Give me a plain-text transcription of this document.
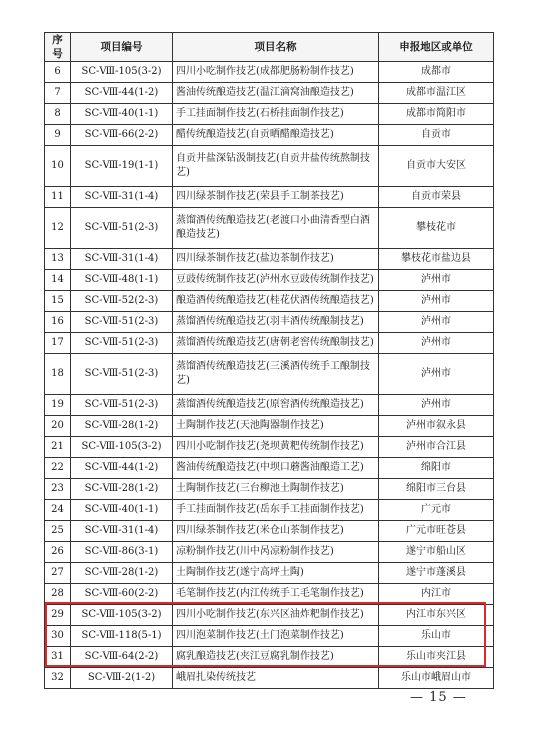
序号	项目编号	项目名称	申报地区或单位
6	SC-Ⅷ-105(3-2)	四川小吃制作技艺(成都肥肠粉制作技艺)	成都市
7	SC-Ⅷ-44(1-2)	酱油传统酿造技艺(温江滴窝油酿造技艺)	成都市温江区
8	SC-Ⅷ-40(1-1)	手工挂面制作技艺(石桥挂面制作技艺)	成都市简阳市
9	SC-Ⅷ-66(2-2)	醋传统酿造技艺(自贡晒醋酿造技艺)	自贡市
10	SC-Ⅷ-19(1-1)	自贡井盐深钻汲制技艺(自贡井盐传统熬制技艺)	自贡市大安区
11	SC-Ⅷ-31(1-4)	四川绿茶制作技艺(荣县手工制茶技艺)	自贡市荣县
12	SC-Ⅷ-51(2-3)	蒸馏酒传统酿造技艺(老渡口小曲清香型白酒酿造技艺)	攀枝花市
13	SC-Ⅷ-31(1-4)	四川绿茶制作技艺(盐边茶制作技艺)	攀枝花市盐边县
14	SC-Ⅷ-48(1-1)	豆豉传统制作技艺(泸州水豆豉传统制作技艺)	泸州市
15	SC-Ⅷ-52(2-3)	酿造酒传统酿造技艺(桂花伏酒传统酿造技艺)	泸州市
16	SC-Ⅷ-51(2-3)	蒸馏酒传统酿造技艺(羽丰酒传统酿制技艺)	泸州市
17	SC-Ⅷ-51(2-3)	蒸馏酒传统酿造技艺(唐朝老窖传统酿制技艺)	泸州市
18	SC-Ⅷ-51(2-3)	蒸馏酒传统酿造技艺(三溪酒传统手工酿制技艺)	泸州市
19	SC-Ⅷ-51(2-3)	蒸馏酒传统酿造技艺(原窖酒传统酿造技艺)	泸州市
20	SC-Ⅷ-28(1-2)	土陶制作技艺(天池陶器制作技艺)	泸州市叙永县
21	SC-Ⅷ-105(3-2)	四川小吃制作技艺(尧坝黄粑传统制作技艺)	泸州市合江县
22	SC-Ⅷ-44(1-2)	酱油传统酿造技艺(中坝口蘑酱油酿造工艺)	绵阳市
23	SC-Ⅷ-28(1-2)	土陶制作技艺(三台柳池土陶制作技艺)	绵阳市三台县
24	SC-Ⅷ-40(1-1)	手工挂面制作技艺(岳东手工挂面制作技艺)	广元市
25	SC-Ⅷ-31(1-4)	四川绿茶制作技艺(米仓山茶制作技艺)	广元市旺苍县
26	SC-Ⅷ-86(3-1)	凉粉制作技艺(川中呙凉粉制作技艺)	遂宁市船山区
27	SC-Ⅷ-28(1-2)	土陶制作技艺(遂宁高坪土陶)	遂宁市蓬溪县
28	SC-Ⅷ-60(2-2)	毛笔制作技艺(内江传统手工毛笔制作技艺)	内江市
29	SC-Ⅷ-105(3-2)	四川小吃制作技艺(东兴区油炸粑制作技艺)	内江市东兴区
30	SC-Ⅷ-118(5-1)	四川泡菜制作技艺(土门泡菜制作技艺)	乐山市
31	SC-Ⅷ-64(2-2)	腐乳酿造技艺(夹江豆腐乳制作技艺)	乐山市夹江县
32	SC-Ⅷ-2(1-2)	峨眉扎染传统技艺	乐山市峨眉山市
— 15 —
